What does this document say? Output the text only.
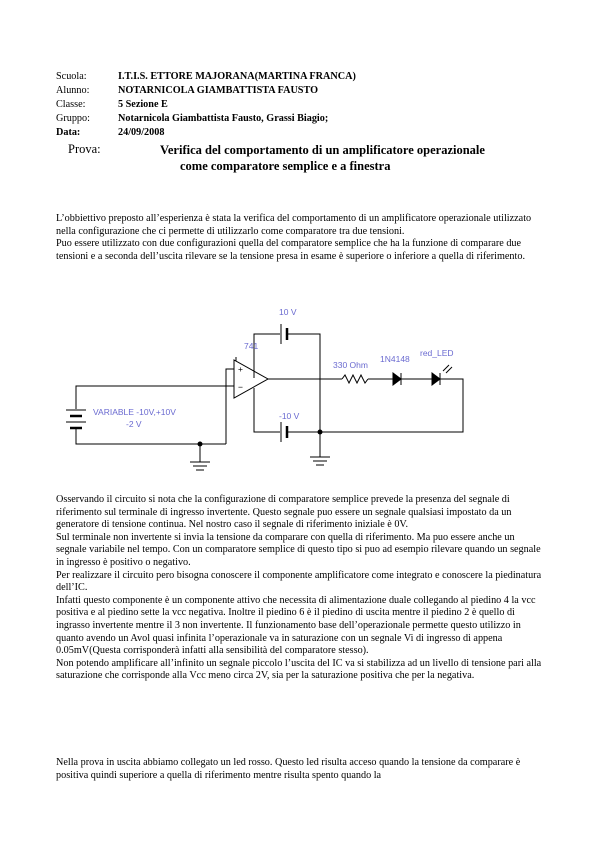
Scuola:	I.T.I.S. ETTORE MAJORANA(MARTINA FRANCA)
Alunno:	NOTARNICOLA GIAMBATTISTA FAUSTO
Classe:	5 Sezione E
Gruppo:	Notarnicola Giambattista Fausto, Grassi Biagio;
Data:	24/09/2008
Prova:	Verifica del comportamento di un amplificatore operazionale
come comparatore semplice e a finestra

L’obbiettivo preposto all’esperienza è stata la verifica del comportamento di un amplificatore operazionale utilizzato nella configurazione che ci permette di utilizzarlo come comparatore tra due tensioni.

Puo essere utilizzato con due configurazioni quella del comparatore semplice che ha la funzione di comparare due tensioni e a seconda dell’uscita rilevare se la tensione presa in esame è superiore o inferiore a quella di riferimento.

+
−
10 V
-10 V
741
330 Ohm
1N4148
red_LED
VARIABLE -10V,+10V
-2 V

Osservando il circuito si nota che la configurazione di comparatore semplice prevede la presenza del segnale di riferimento sul terminale di ingresso invertente. Questo segnale puo essere un segnale qualsiasi impostato da un generatore di tensione continua. Nel nostro caso il segnale di riferimento iniziale è 0V.

Sul terminale non invertente si invia la tensione da comparare con quella di riferimento. Ma puo essere anche un segnale variabile nel tempo. Con un comparatore semplice di questo tipo si puo ad esempio rilevare quando un segnale in ingresso è positivo o negativo.

Per realizzare il circuito pero bisogna conoscere il componente amplificatore come integrato e conoscere la piedinatura dell’IC.

Infatti questo componente è un componente attivo che necessita di alimentazione duale collegando al piedino 4 la vcc positiva e al piedino sette la vcc negativa. Inoltre il piedino 6 è il piedino di uscita mentre il piedino 2 è quello di ingrasso invertente mentre il 3 non invertente. Il funzionamento base dell’operazionale permette questo utilizzo in quanto avendo un Avol quasi infinita l’operazionale va in saturazione con un segnale Vi di ingresso di appena 0.05mV(Questa corrisponderà infatti alla sensibilità del comparatore stesso).

Non potendo amplificare all’infinito un segnale piccolo l’uscita del IC va si stabilizza ad un livello di tensione pari alla saturazione che corrisponde alla Vcc meno circa 2V, sia per la saturazione positiva che per la negativa.

Nella prova in uscita abbiamo collegato un led rosso. Questo led risulta acceso quando la tensione da comparare è positiva quindi superiore a quella di riferimento mentre risulta spento quando la
